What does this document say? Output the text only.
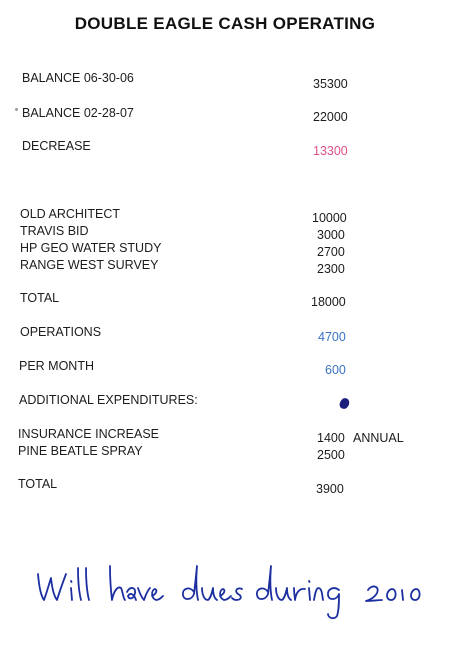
DOUBLE EAGLE CASH OPERATING
BALANCE 06-30-06	35300
BALANCE 02-28-07	22000
DECREASE	13300
OLD ARCHITECT	10000
TRAVIS BID	3000
HP GEO WATER STUDY	2700
RANGE WEST SURVEY	2300
TOTAL	18000
OPERATIONS	4700
PER MONTH	600
ADDITIONAL EXPENDITURES:
INSURANCE INCREASE	1400 ANNUAL
PINE BEATLE SPRAY	2500
TOTAL	3900
